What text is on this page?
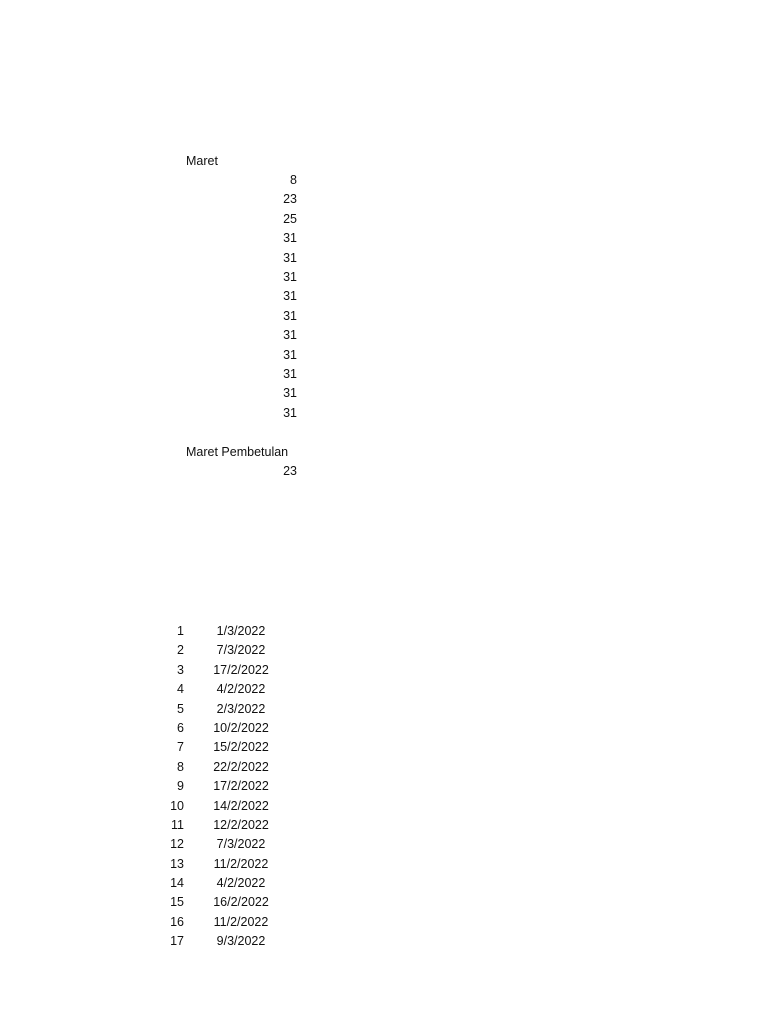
Maret
8
23
25
31
31
31
31
31
31
31
31
31
31
Maret Pembetulan
23
1	1/3/2022
2	7/3/2022
3	17/2/2022
4	4/2/2022
5	2/3/2022
6	10/2/2022
7	15/2/2022
8	22/2/2022
9	17/2/2022
10	14/2/2022
11	12/2/2022
12	7/3/2022
13	11/2/2022
14	4/2/2022
15	16/2/2022
16	11/2/2022
17	9/3/2022
